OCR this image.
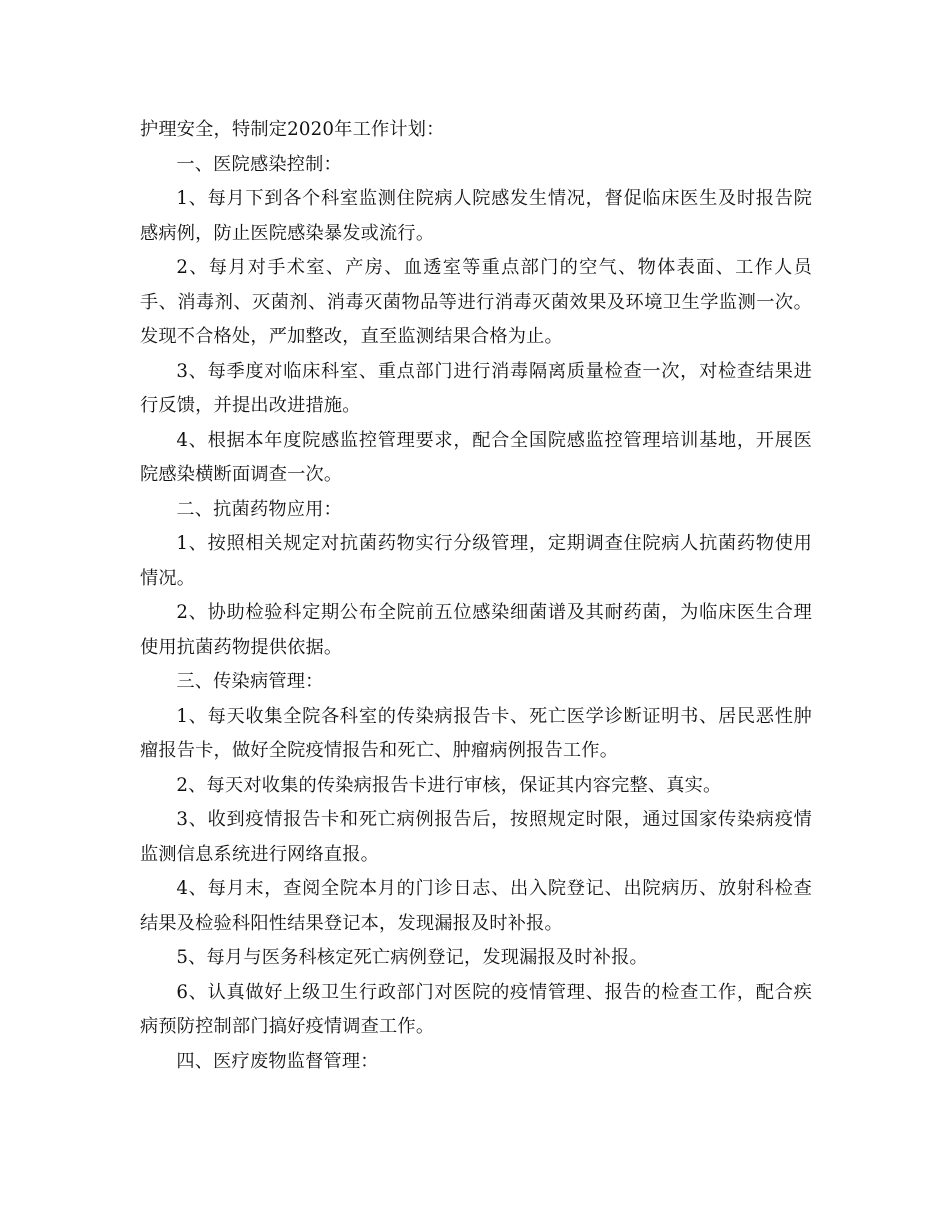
护理安全，特制定2020年工作计划：

一、医院感染控制：

1、每月下到各个科室监测住院病人院感发生情况，督促临床医生及时报告院感病例，防止医院感染暴发或流行。

2、每月对手术室、产房、血透室等重点部门的空气、物体表面、工作人员手、消毒剂、灭菌剂、消毒灭菌物品等进行消毒灭菌效果及环境卫生学监测一次。发现不合格处，严加整改，直至监测结果合格为止。

3、每季度对临床科室、重点部门进行消毒隔离质量检查一次，对检查结果进行反馈，并提出改进措施。

4、根据本年度院感监控管理要求，配合全国院感监控管理培训基地，开展医院感染横断面调查一次。

二、抗菌药物应用：

1、按照相关规定对抗菌药物实行分级管理，定期调查住院病人抗菌药物使用情况。

2、协助检验科定期公布全院前五位感染细菌谱及其耐药菌，为临床医生合理使用抗菌药物提供依据。

三、传染病管理：

1、每天收集全院各科室的传染病报告卡、死亡医学诊断证明书、居民恶性肿瘤报告卡，做好全院疫情报告和死亡、肿瘤病例报告工作。

2、每天对收集的传染病报告卡进行审核，保证其内容完整、真实。

3、收到疫情报告卡和死亡病例报告后，按照规定时限，通过国家传染病疫情监测信息系统进行网络直报。

4、每月末，查阅全院本月的门诊日志、出入院登记、出院病历、放射科检查结果及检验科阳性结果登记本，发现漏报及时补报。

5、每月与医务科核定死亡病例登记，发现漏报及时补报。

6、认真做好上级卫生行政部门对医院的疫情管理、报告的检查工作，配合疾病预防控制部门搞好疫情调查工作。

四、医疗废物监督管理：
